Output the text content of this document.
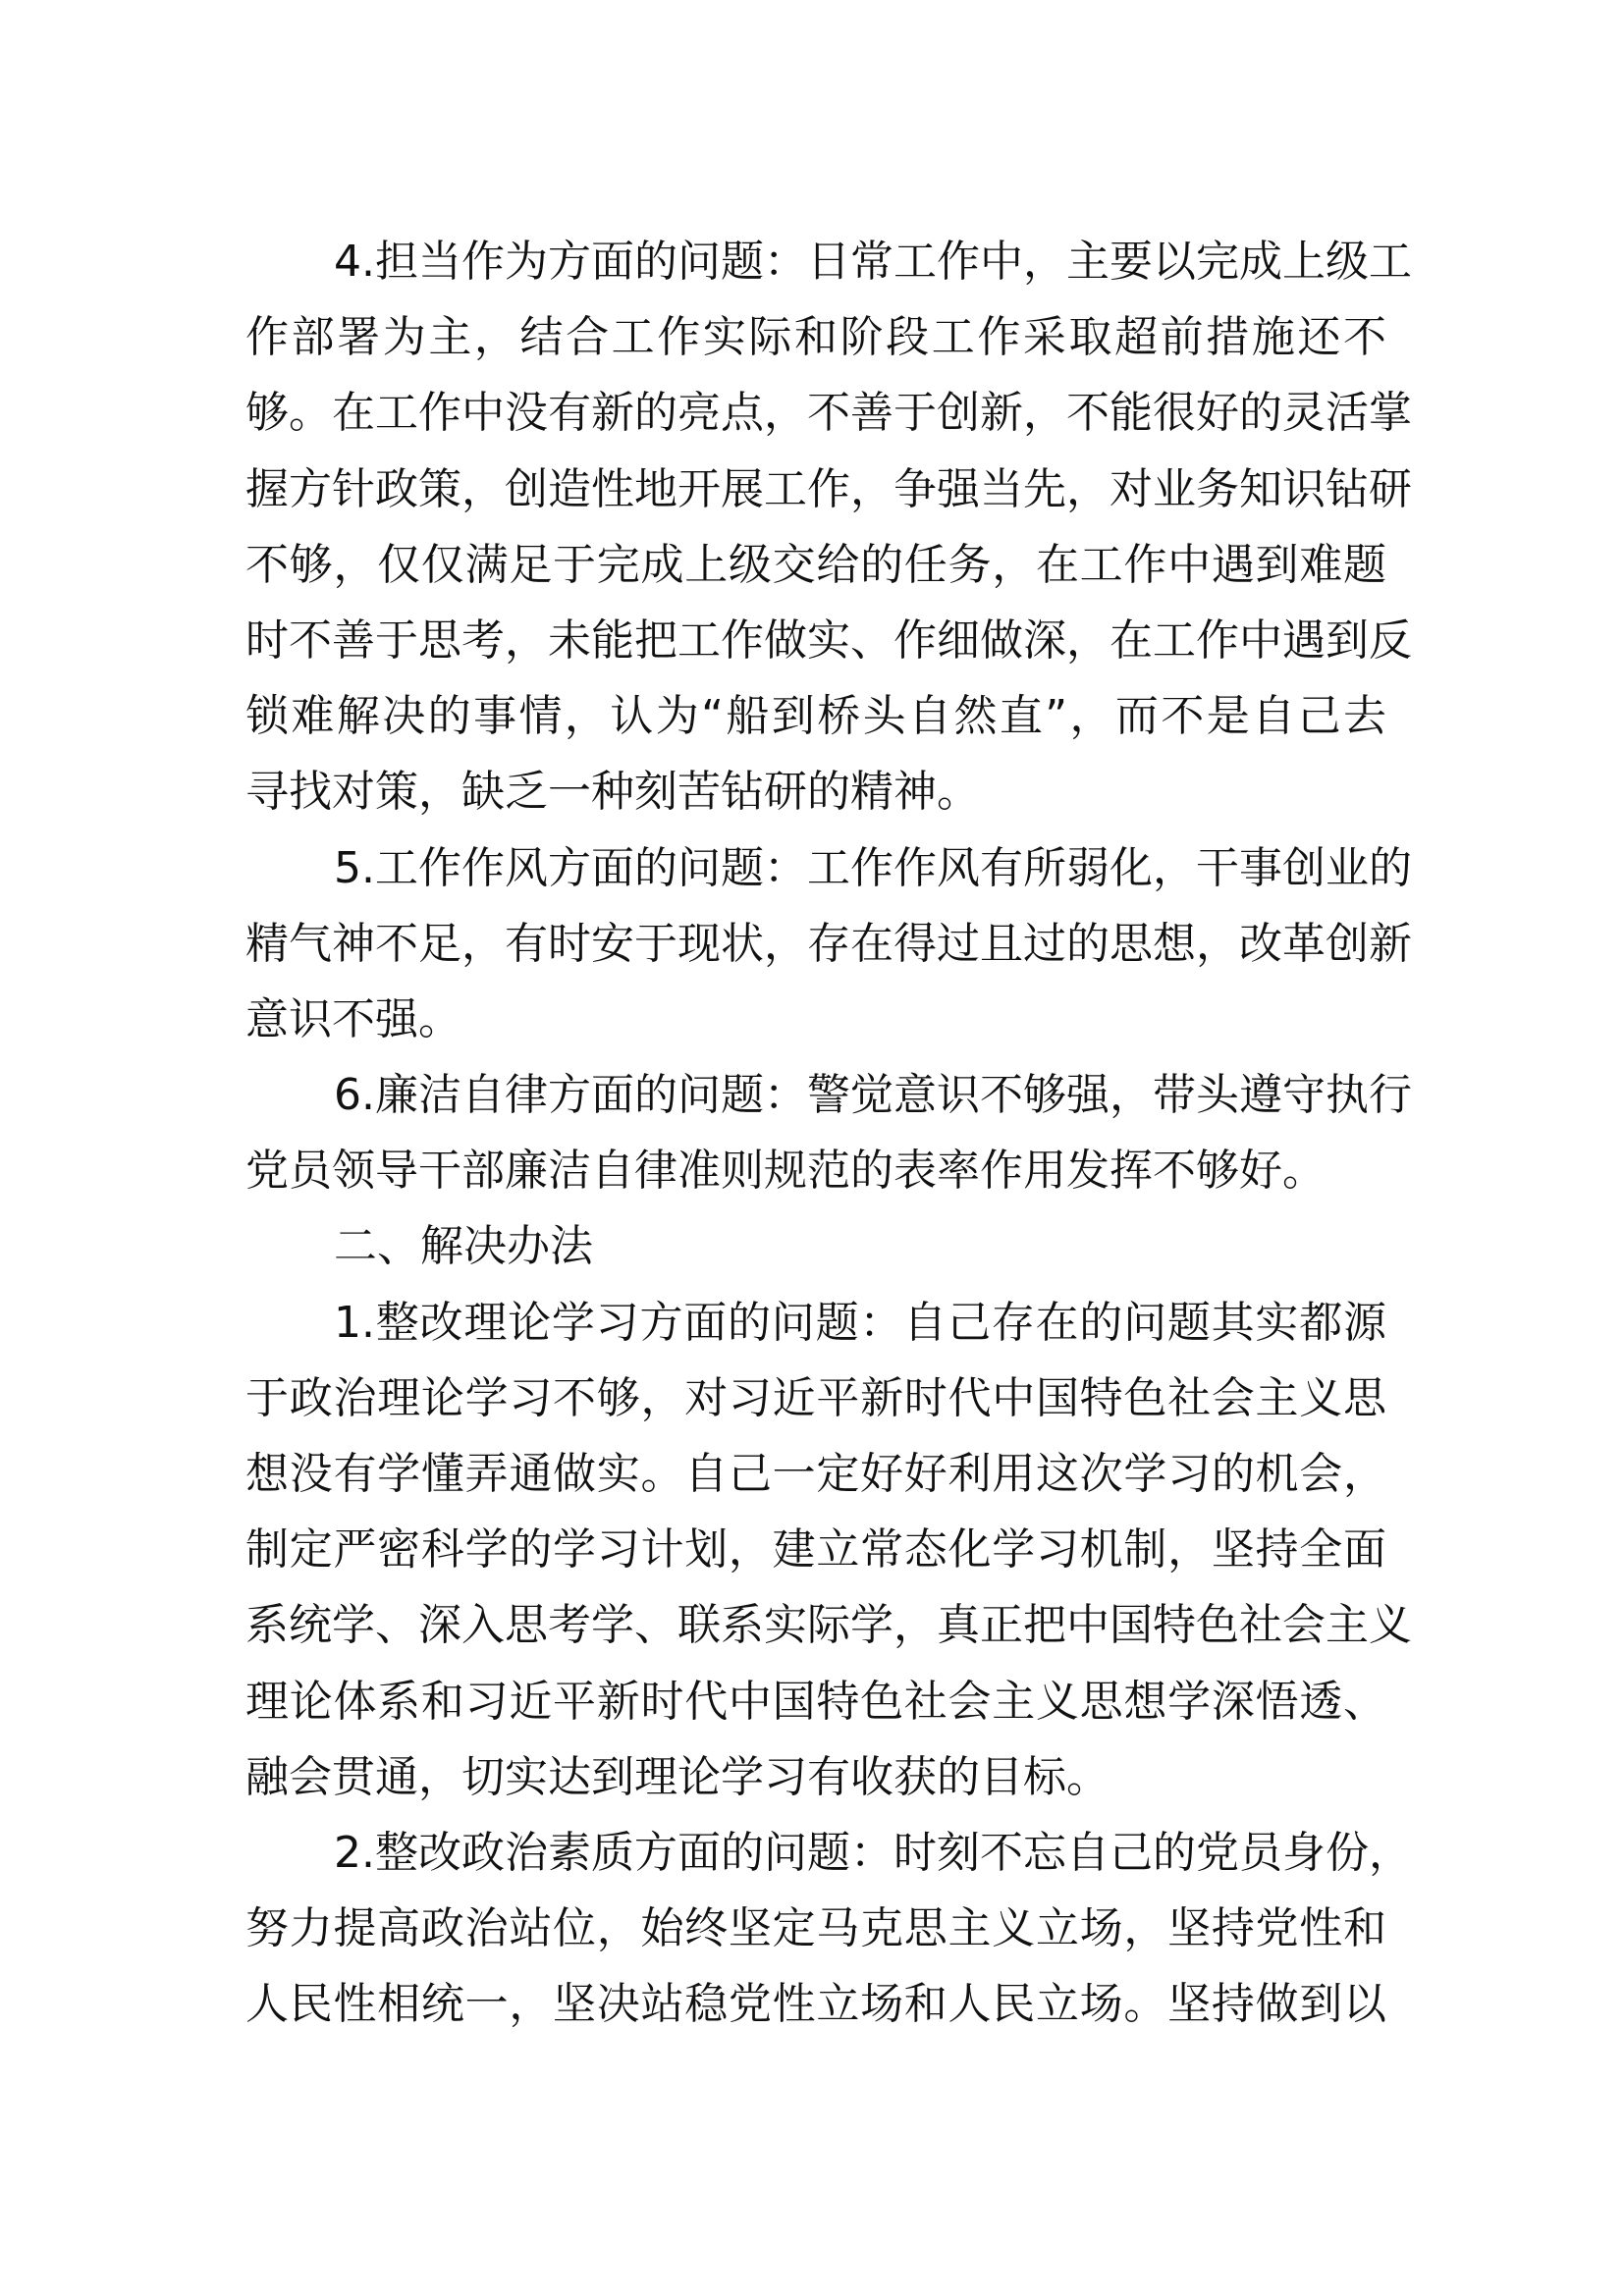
4.担当作为方面的问题：日常工作中，主要以完成上级工
作部署为主，结合工作实际和阶段工作采取超前措施还不
够。在工作中没有新的亮点，不善于创新，不能很好的灵活掌
握方针政策，创造性地开展工作，争强当先，对业务知识钻研
不够，仅仅满足于完成上级交给的任务，在工作中遇到难题
时不善于思考，未能把工作做实、作细做深，在工作中遇到反
锁难解决的事情，认为“船到桥头自然直”，而不是自己去
寻找对策，缺乏一种刻苦钻研的精神。
5.工作作风方面的问题：工作作风有所弱化，干事创业的
精气神不足，有时安于现状，存在得过且过的思想，改革创新
意识不强。
6.廉洁自律方面的问题：警觉意识不够强，带头遵守执行
党员领导干部廉洁自律准则规范的表率作用发挥不够好。
二、解决办法
1.整改理论学习方面的问题：自己存在的问题其实都源
于政治理论学习不够，对习近平新时代中国特色社会主义思
想没有学懂弄通做实。自己一定好好利用这次学习的机会，
制定严密科学的学习计划，建立常态化学习机制，坚持全面
系统学、深入思考学、联系实际学，真正把中国特色社会主义
理论体系和习近平新时代中国特色社会主义思想学深悟透、
融会贯通，切实达到理论学习有收获的目标。
2.整改政治素质方面的问题：时刻不忘自己的党员身份，
努力提高政治站位，始终坚定马克思主义立场，坚持党性和
人民性相统一，坚决站稳党性立场和人民立场。坚持做到以
